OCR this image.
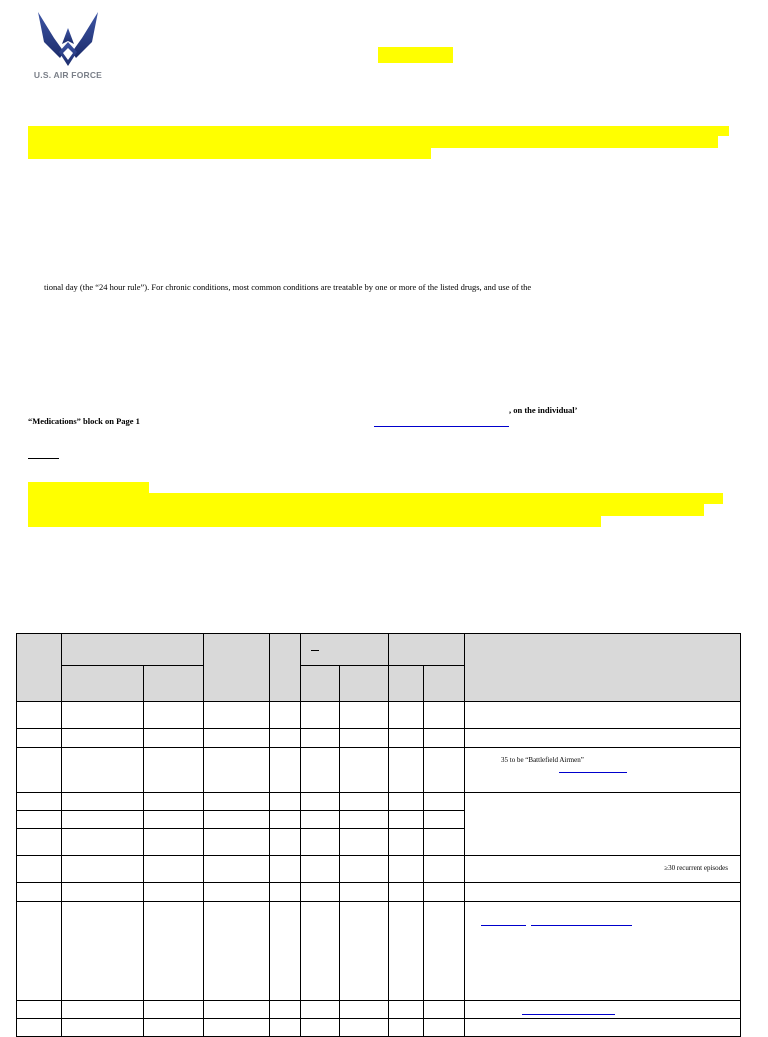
U.S. AIR FORCE
tional day (the “24 hour rule”). For chronic conditions, most common conditions are treatable by one or more of the listed drugs, and use of the
, on the individual’
“Medications” block on Page 1

									35 to be “Battlefield Airmen”

									≥30 recurrent episodes
